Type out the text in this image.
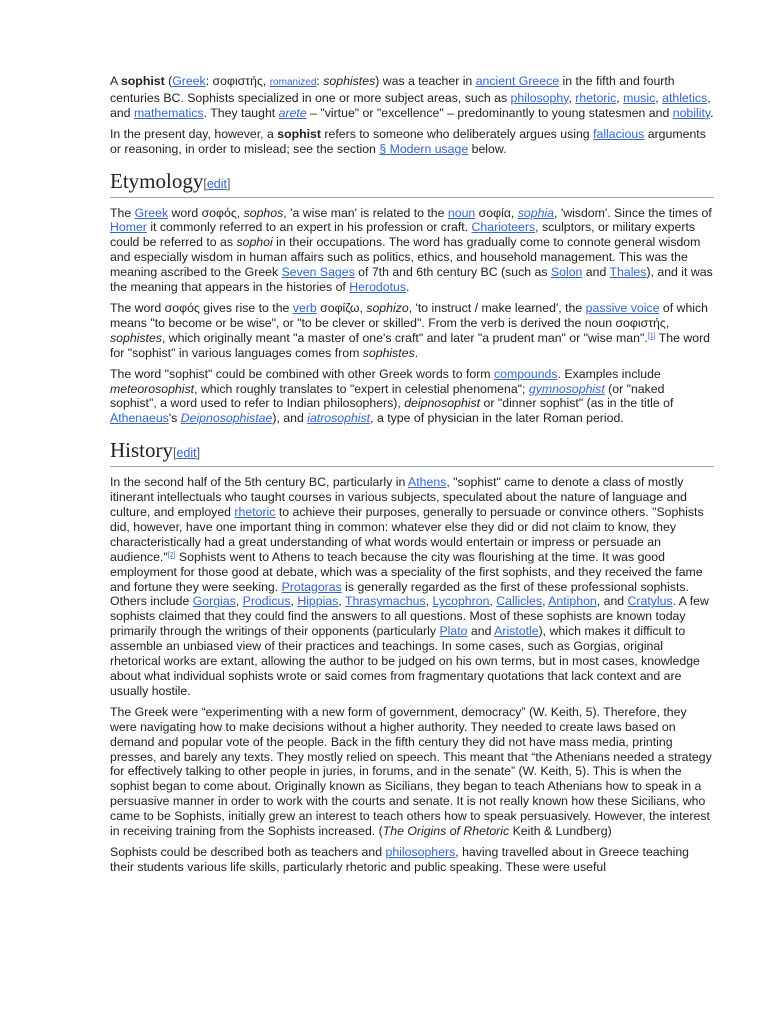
A sophist (Greek: σοφιστής, romanized: sophistes) was a teacher in ancient Greece in the fifth and fourth centuries BC. Sophists specialized in one or more subject areas, such as philosophy, rhetoric, music, athletics, and mathematics. They taught arete – "virtue" or "excellence" – predominantly to young statesmen and nobility.

In the present day, however, a sophist refers to someone who deliberately argues using fallacious arguments or reasoning, in order to mislead; see the section § Modern usage below.

Etymology[edit]

The Greek word σοφός, sophos, 'a wise man' is related to the noun σοφία, sophia, 'wisdom'. Since the times of Homer it commonly referred to an expert in his profession or craft. Charioteers, sculptors, or military experts could be referred to as sophoi in their occupations. The word has gradually come to connote general wisdom and especially wisdom in human affairs such as politics, ethics, and household management. This was the meaning ascribed to the Greek Seven Sages of 7th and 6th century BC (such as Solon and Thales), and it was the meaning that appears in the histories of Herodotus.

The word σοφός gives rise to the verb σοφίζω, sophizo, 'to instruct / make learned', the passive voice of which means "to become or be wise", or "to be clever or skilled". From the verb is derived the noun σοφιστής, sophistes, which originally meant "a master of one's craft" and later "a prudent man" or "wise man".[1] The word for "sophist" in various languages comes from sophistes.

The word "sophist" could be combined with other Greek words to form compounds. Examples include meteorosophist, which roughly translates to "expert in celestial phenomena"; gymnosophist (or "naked sophist", a word used to refer to Indian philosophers), deipnosophist or "dinner sophist" (as in the title of Athenaeus's Deipnosophistae), and iatrosophist, a type of physician in the later Roman period.

History[edit]

In the second half of the 5th century BC, particularly in Athens, "sophist" came to denote a class of mostly itinerant intellectuals who taught courses in various subjects, speculated about the nature of language and culture, and employed rhetoric to achieve their purposes, generally to persuade or convince others. "Sophists did, however, have one important thing in common: whatever else they did or did not claim to know, they characteristically had a great understanding of what words would entertain or impress or persuade an audience."[2] Sophists went to Athens to teach because the city was flourishing at the time. It was good employment for those good at debate, which was a speciality of the first sophists, and they received the fame and fortune they were seeking. Protagoras is generally regarded as the first of these professional sophists. Others include Gorgias, Prodicus, Hippias, Thrasymachus, Lycophron, Callicles, Antiphon, and Cratylus. A few sophists claimed that they could find the answers to all questions. Most of these sophists are known today primarily through the writings of their opponents (particularly Plato and Aristotle), which makes it difficult to assemble an unbiased view of their practices and teachings. In some cases, such as Gorgias, original rhetorical works are extant, allowing the author to be judged on his own terms, but in most cases, knowledge about what individual sophists wrote or said comes from fragmentary quotations that lack context and are usually hostile.

The Greek were “experimenting with a new form of government, democracy” (W. Keith, 5). Therefore, they were navigating how to make decisions without a higher authority. They needed to create laws based on demand and popular vote of the people. Back in the fifth century they did not have mass media, printing presses, and barely any texts. They mostly relied on speech. This meant that “the Athenians needed a strategy for effectively talking to other people in juries, in forums, and in the senate” (W. Keith, 5). This is when the sophist began to come about. Originally known as Sicilians, they began to teach Athenians how to speak in a persuasive manner in order to work with the courts and senate. It is not really known how these Sicilians, who came to be Sophists, initially grew an interest to teach others how to speak persuasively. However, the interest in receiving training from the Sophists increased. (The Origins of Rhetoric Keith & Lundberg)

Sophists could be described both as teachers and philosophers, having travelled about in Greece teaching their students various life skills, particularly rhetoric and public speaking. These were useful
